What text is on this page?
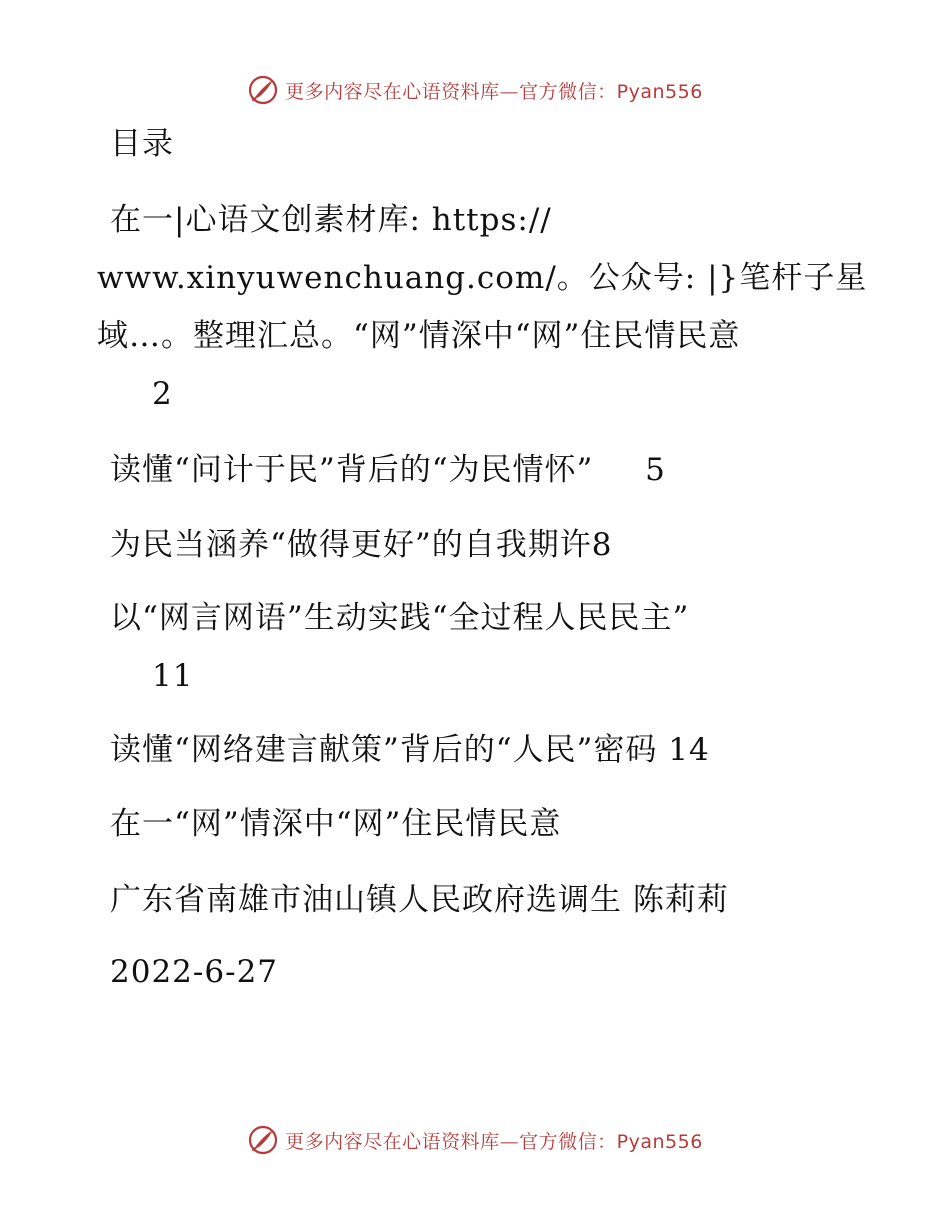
更多内容尽在心语资料库—官方微信：Pyan556
目录
在一|心语文创素材库: https://
www.xinyuwenchuang.com/。公众号: |}笔杆子星
域…。整理汇总。“网”情深中“网”住民情民意
2
读懂“问计于民”背后的“为民情怀” 5
为民当涵养“做得更好”的自我期许8
以“网言网语”生动实践“全过程人民民主”
11
读懂“网络建言献策”背后的“人民”密码 14
在一“网”情深中“网”住民情民意
广东省南雄市油山镇人民政府选调生 陈莉莉
2022-6-27
更多内容尽在心语资料库—官方微信：Pyan556
